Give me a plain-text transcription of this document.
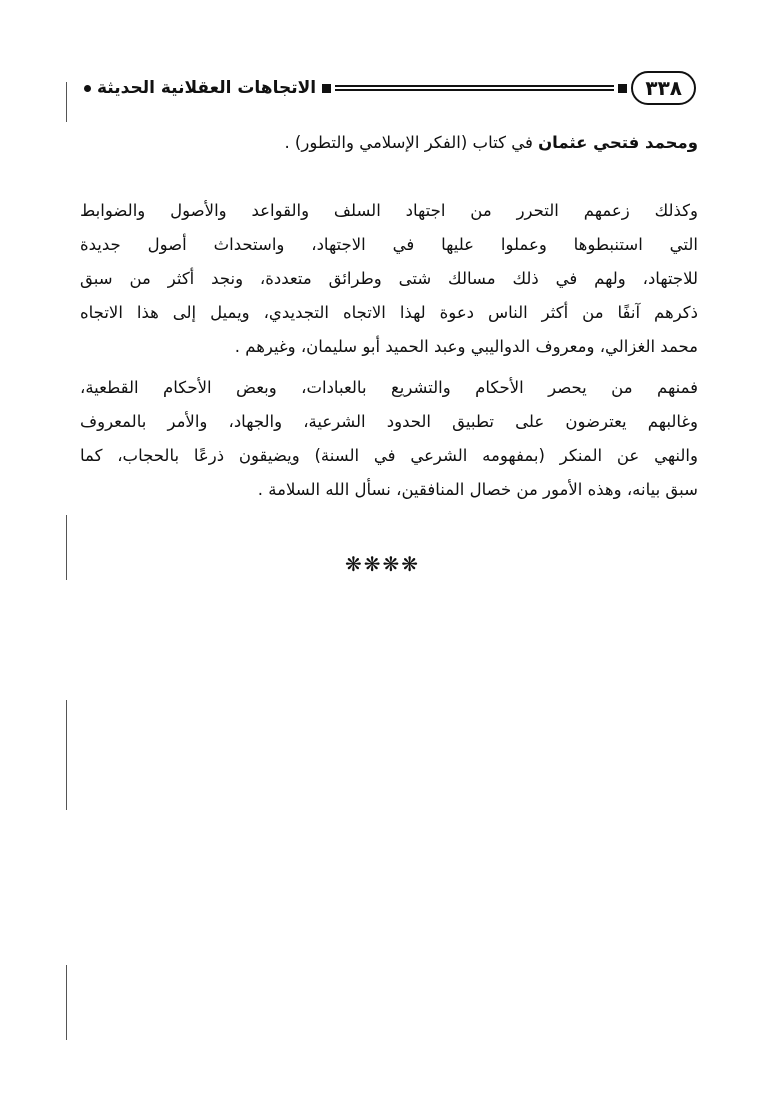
٣٣٨
الاتجاهات العقلانية الحديثة
ومحمد فتحي عثمان في كتاب (الفكر الإسلامي والتطور) .
وكذلك زعمهم التحرر من اجتهاد السلف والقواعد والأصول والضوابط
التي استنبطوها وعملوا عليها في الاجتهاد، واستحداث أصول جديدة
للاجتهاد، ولهم في ذلك مسالك شتى وطرائق متعددة، ونجد أكثر من سبق
ذكرهم آنفًا من أكثر الناس دعوة لهذا الاتجاه التجديدي، ويميل إلى هذا الاتجاه
محمد الغزالي، ومعروف الدواليبي وعبد الحميد أبو سليمان، وغيرهم .
فمنهم من يحصر الأحكام والتشريع بالعبادات، وبعض الأحكام القطعية،
وغالبهم يعترضون على تطبيق الحدود الشرعية، والجهاد، والأمر بالمعروف
والنهي عن المنكر (بمفهومه الشرعي في السنة) ويضيقون ذرعًا بالحجاب، كما
سبق بيانه، وهذه الأمور من خصال المنافقين، نسأل الله السلامة .
❋❋❋❋
